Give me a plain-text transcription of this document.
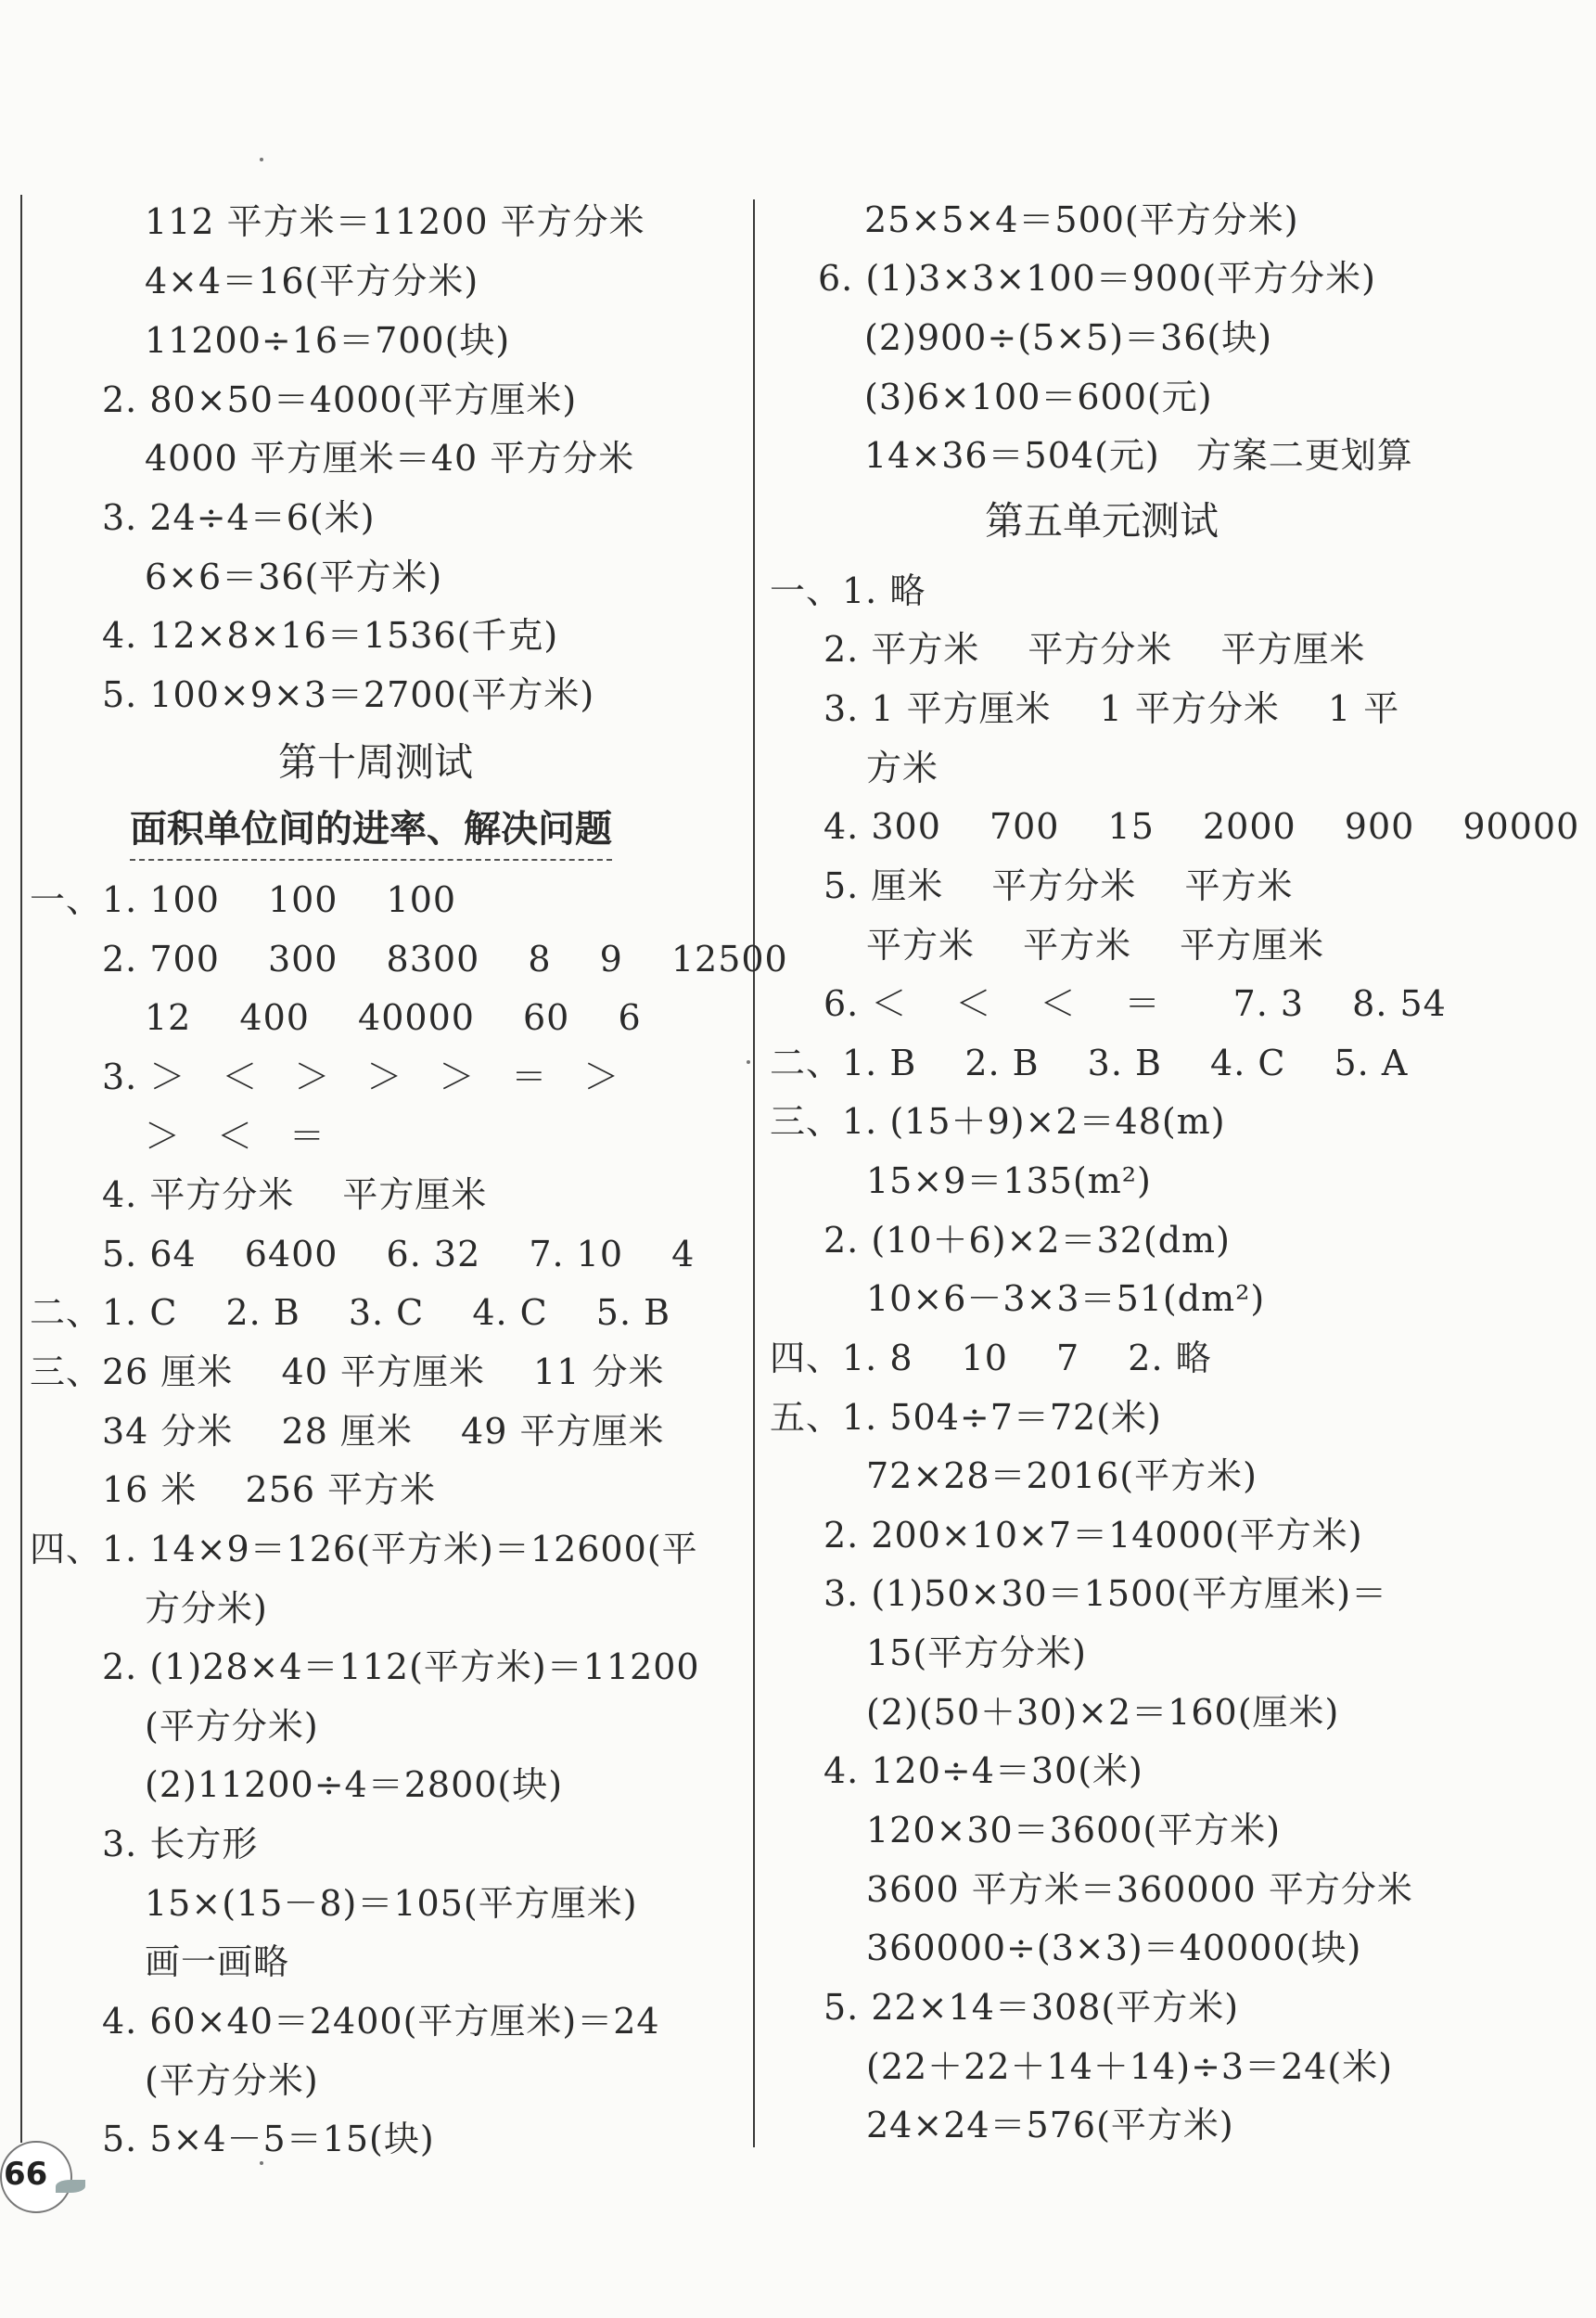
112 平方米＝11200 平方分米
4×4＝16(平方分米)
11200÷16＝700(块)
2. 80×50＝4000(平方厘米)
4000 平方厘米＝40 平方分米
3. 24÷4＝6(米)
6×6＝36(平方米)
4. 12×8×16＝1536(千克)
5. 100×9×3＝2700(平方米)
第十周测试
面积单位间的进率、解决问题
一、1. 100　 100　 100
2. 700　 300　 8300　 8　 9　 12500
12　 400　 40000　 60　 6
3. ＞　＜　＞　＞　＞　＝　＞
＞　＜　＝
4. 平方分米　 平方厘米
5. 64　 6400　 6. 32　 7. 10　 4
二、1. C　 2. B　 3. C　 4. C　 5. B
三、26 厘米　 40 平方厘米　 11 分米
34 分米　 28 厘米　 49 平方厘米
16 米　 256 平方米
四、1. 14×9＝126(平方米)＝12600(平
方分米)
2. (1)28×4＝112(平方米)＝11200
(平方分米)
(2)11200÷4＝2800(块)
3. 长方形
15×(15－8)＝105(平方厘米)
画一画略
4. 60×40＝2400(平方厘米)＝24
(平方分米)
5. 5×4－5＝15(块)
25×5×4＝500(平方分米)
6. (1)3×3×100＝900(平方分米)
(2)900÷(5×5)＝36(块)
(3)6×100＝600(元)
14×36＝504(元)　方案二更划算
第五单元测试
一、1. 略
2. 平方米　 平方分米　 平方厘米
3. 1 平方厘米　 1 平方分米　 1 平
方米
4. 300　 700　 15　 2000　 900　 90000
5. 厘米　 平方分米　 平方米
平方米　 平方米　 平方厘米
6. ＜　 ＜　 ＜　 ＝　　7. 3　 8. 54
二、1. B　 2. B　 3. B　 4. C　 5. A
三、1. (15＋9)×2＝48(m)
15×9＝135(m²)
2. (10＋6)×2＝32(dm)
10×6－3×3＝51(dm²)
四、1. 8　 10　 7　 2. 略
五、1. 504÷7＝72(米)
72×28＝2016(平方米)
2. 200×10×7＝14000(平方米)
3. (1)50×30＝1500(平方厘米)＝
15(平方分米)
(2)(50＋30)×2＝160(厘米)
4. 120÷4＝30(米)
120×30＝3600(平方米)
3600 平方米＝360000 平方分米
360000÷(3×3)＝40000(块)
5. 22×14＝308(平方米)
(22＋22＋14＋14)÷3＝24(米)
24×24＝576(平方米)
66
